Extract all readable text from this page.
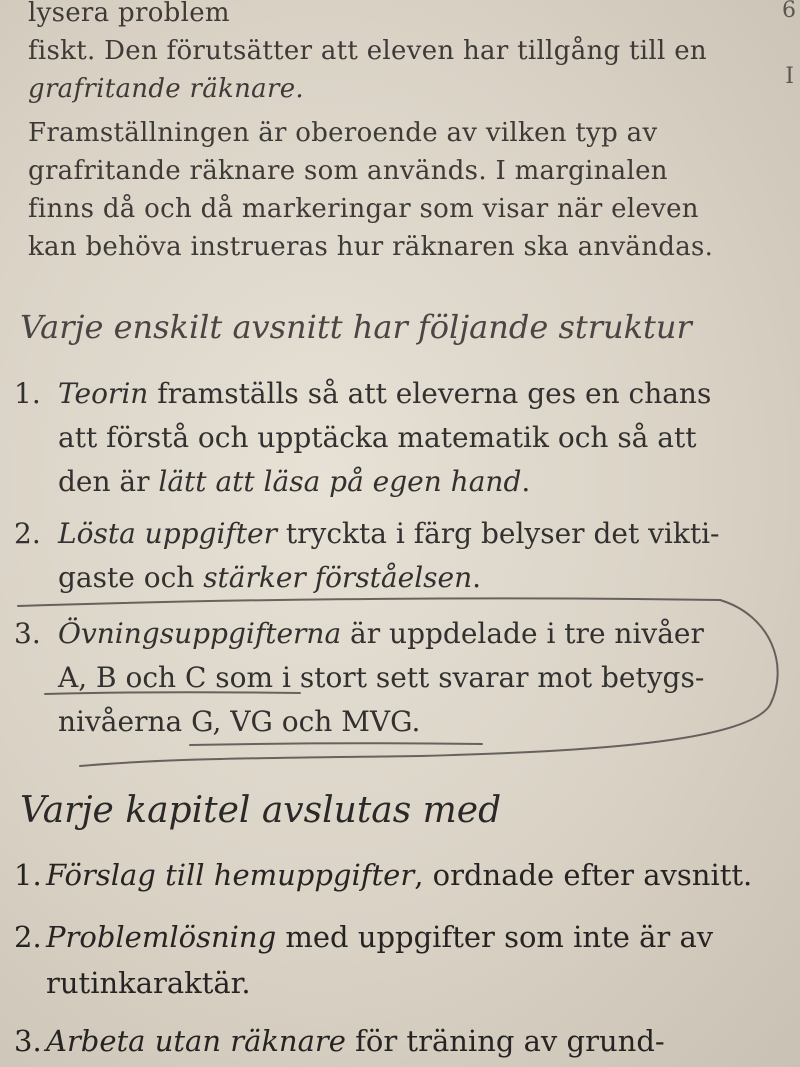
lysera problem
fiskt. Den förutsätter att eleven har tillgång till en
grafritande räknare.
Framställningen är oberoende av vilken typ av
grafritande räknare som används. I marginalen
finns då och då markeringar som visar när eleven
kan behöva instrueras hur räknaren ska användas.
6
I
Varje enskilt avsnitt har följande struktur
1. Teorin framställs så att eleverna ges en chans
att förstå och upptäcka matematik och så att
den är lätt att läsa på egen hand.
2. Lösta uppgifter tryckta i färg belyser det vikti-
gaste och stärker förståelsen.
3. Övningsuppgifterna är uppdelade i tre nivåer
A, B och C som i stort sett svarar mot betygs-
nivåerna G, VG och MVG.
Varje kapitel avslutas med
1. Förslag till hemuppgifter, ordnade efter avsnitt.
2. Problemlösning med uppgifter som inte är av
rutinkaraktär.
3. Arbeta utan räknare för träning av grund-
